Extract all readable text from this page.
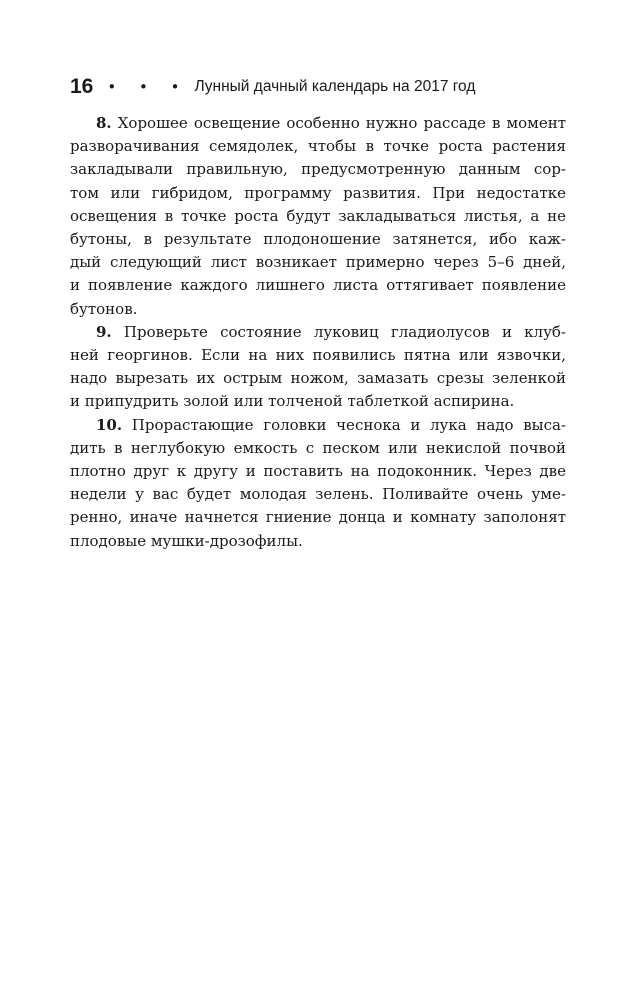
16 • • • Лунный дачный календарь на 2017 год

8. Хорошее освещение особенно нужно рассаде в момент
разворачивания семядолек, чтобы в точке роста растения
закладывали правильную, предусмотренную данным сор-
том или гибридом, программу развития. При недостатке
освещения в точке роста будут закладываться листья, а не
бутоны, в результате плодоношение затянется, ибо каж-
дый следующий лист возникает примерно через 5–6 дней,
и появление каждого лишнего листа оттягивает появление
бутонов.

9. Проверьте состояние луковиц гладиолусов и клуб-
ней георгинов. Если на них появились пятна или язвочки,
надо вырезать их острым ножом, замазать срезы зеленкой
и припудрить золой или толченой таблеткой аспирина.

10. Прорастающие головки чеснока и лука надо выса-
дить в неглубокую емкость с песком или некислой почвой
плотно друг к другу и поставить на подоконник. Через две
недели у вас будет молодая зелень. Поливайте очень уме-
ренно, иначе начнется гниение донца и комнату заполонят
плодовые мушки-дрозофилы.
